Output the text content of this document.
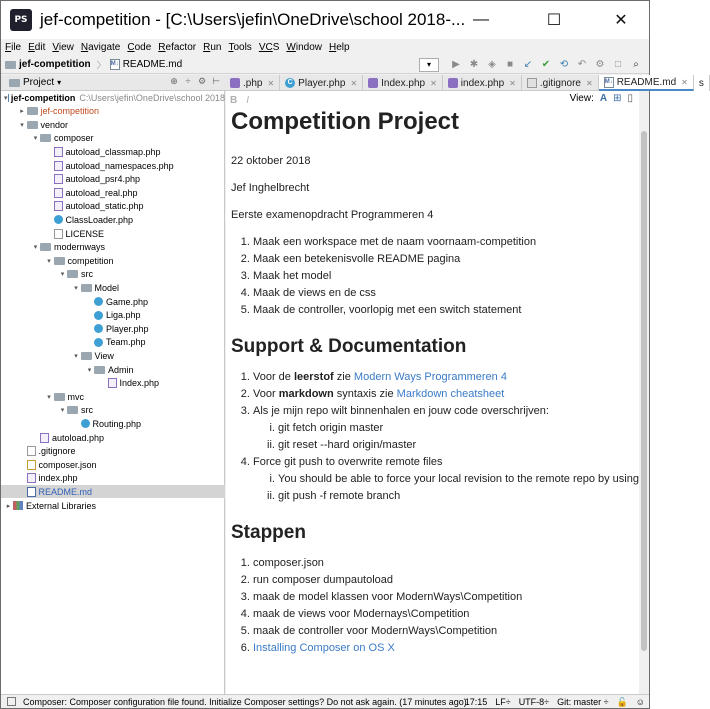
PS jef-competition - [C:\Users\jefin\OneDrive\school 2018-... —	☐	✕
File Edit View Navigate Code Refactor Run Tools VCS Window Help
jef-competition 〉 M↓ README.md	▾	▶ ✱ ◈	■	↙ ✔ ⟲ ↶ ⚙	□	⌕
Project ▾	⊕ ÷ ⚙ ⊢	.php ✕	C Player.php ✕ Index.php ✕ index.php ✕ .gitignore ✕ M↓ README.md ✕ s
▾ jef-competition C:\Users\jefin\OneDrive\school 2018
▸	jef-competition
▾	vendor
▾	composer
autoload_classmap.php
autoload_namespaces.php
autoload_psr4.php
autoload_real.php
autoload_static.php
ClassLoader.php
LICENSE
▾	modernways
▾	competition
▾	src
▾	Model
Game.php
Liga.php
Player.php
Team.php
▾	View
▾	Admin
Index.php
▾	mvc
▾	src
Routing.php
autoload.php
.gitignore
composer.json
index.php
README.md
▸	External Libraries
B I	View: A ⊞ ▯
Competition Project

22 oktober 2018

Jef Inghelbrecht

Eerste examenopdracht Programmeren 4

1. Maak een workspace met de naam voornaam-competition
2. Maak een betekenisvolle README pagina
3. Maak het model
4. Maak de views en de css
5. Maak de controller, voorlopig met een switch statement
Support & Documentation
1. Voor de leerstof zie Modern Ways Programmeren 4
2. Voor markdown syntaxis zie Markdown cheatsheet
3. Als je mijn repo wilt binnenhalen en jouw code overschrijven:
i. git fetch origin master
ii. git reset --hard origin/master
4. Force git push to overwrite remote files
i. You should be able to force your local revision to the remote repo by using
ii. git push -f remote branch
Stappen
1. composer.json
2. run composer dumpautoload
3. maak de model klassen voor ModernWays\Competition
4. maak de views voor Modernays\Competition
5. maak de controller voor ModernWays\Competition
6. Installing Composer on OS X
Composer: Composer configuration file found. Initialize Composer settings? Do not ask again. (17 minutes ago)
17:15 LF÷ UTF-8÷ Git: master ÷ 🔓 ☺
